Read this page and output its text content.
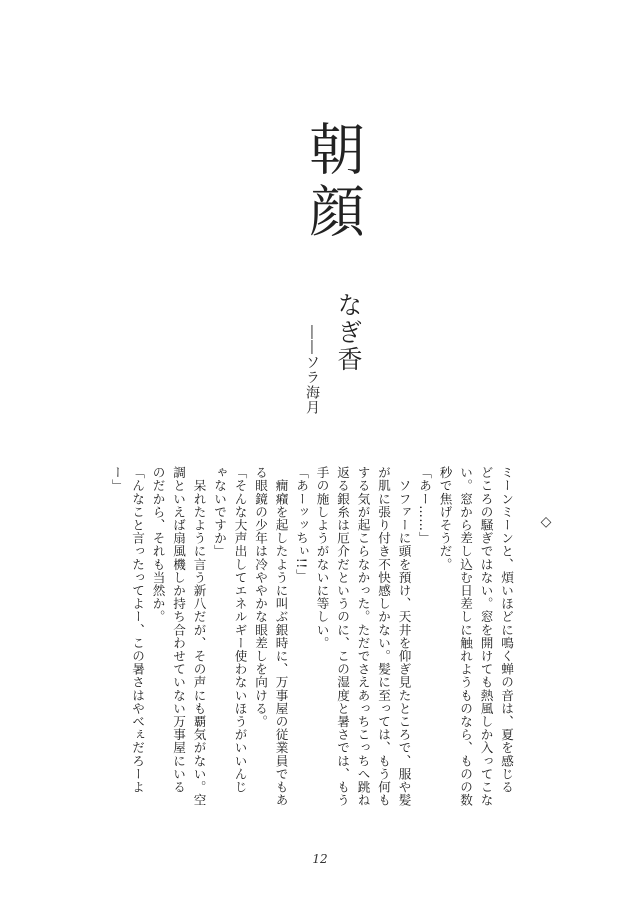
朝顔
なぎ香
――ソラ海月
◇

ミーンミーンと、煩いほどに鳴く蝉の音は、夏を感じる

どころの騒ぎではない。窓を開けても熱風しか入ってこな

い。窓から差し込む日差しに触れようものなら、ものの数

秒で焦げそうだ。

「あー……」

　ソファーに頭を預け、天井を仰ぎ見たところで、服や髪

が肌に張り付き不快感しかない。髪に至っては、もう何も

する気が起こらなかった。ただでさえあっちこっちへ跳ね

返る銀糸は厄介だというのに、この湿度と暑さでは、もう

手の施しようがないに等しい。

「あーッッちぃ!!」

　癇癪を起したように叫ぶ銀時に、万事屋の従業員でもあ

る眼鏡の少年は冷ややかな眼差しを向ける。

「そんな大声出してエネルギー使わないほうがいいんじ

ゃないですか」

　呆れたように言う新八だが、その声にも覇気がない。空

調といえば扇風機しか持ち合わせていない万事屋にいる

のだから、それも当然か。

「んなこと言ったってよー、この暑さはやべぇだろーよ

ー」

12
